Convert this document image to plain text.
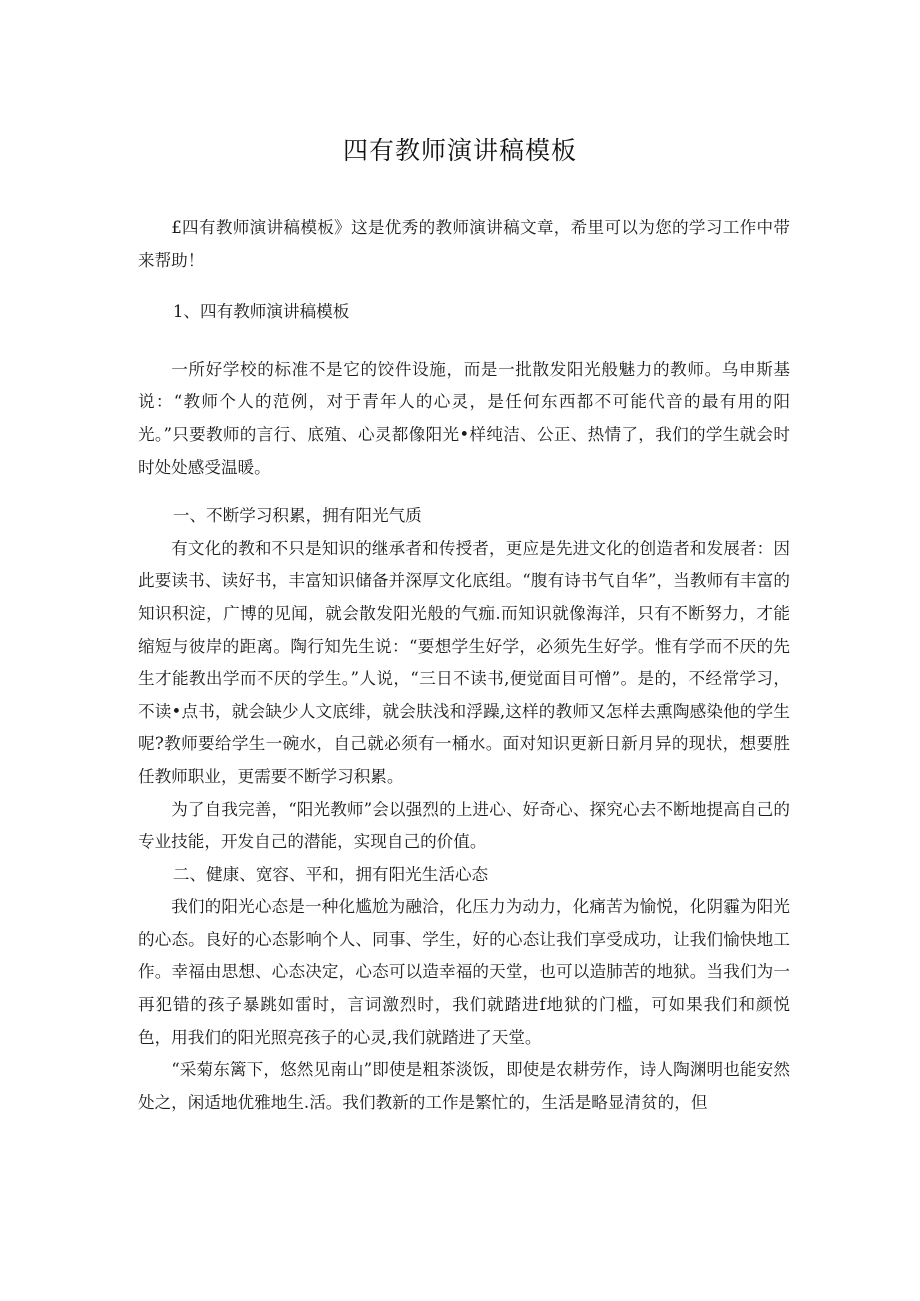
四有教师演讲稿模板

£四有教师演讲稿模板》这是优秀的教师演讲稿文章，希里可以为您的学习工作中带来帮助！

1、四有教师演讲稿模板

一所好学校的标准不是它的饺件设施，而是一批散发阳光般魅力的教师。乌申斯基说：“教师个人的范例，对于青年人的心灵，是任何东西都不可能代音的最有用的阳光。”只要教师的言行、底殖、心灵都像阳光•样纯洁、公正、热情了，我们的学生就会时时处处感受温暖。

一、不断学习积累，拥有阳光气质

有文化的教和不只是知识的继承者和传授者，更应是先进文化的创造者和发展者：因此要读书、读好书，丰富知识储备并深厚文化底组。“腹有诗书气自华”，当教师有丰富的知识积淀，广博的见闻，就会散发阳光般的气痂.而知识就像海洋，只有不断努力，才能缩短与彼岸的距离。陶行知先生说：“要想学生好学，必须先生好学。惟有学而不厌的先生才能教出学而不厌的学生。”人说，“三日不读书,便觉面目可憎”。是的，不经常学习，不读•点书，就会缺少人文底绯，就会肤浅和浮躁,这样的教师又怎样去熏陶感染他的学生呢?教师要给学生一碗水，自己就必须有一桶水。面对知识更新日新月异的现状，想要胜任教师职业，更需要不断学习积累。

为了自我完善，“阳光教师”会以强烈的上进心、好奇心、探究心去不断地提高自己的专业技能，开发自己的潜能，实现自己的价值。

二、健康、宽容、平和，拥有阳光生活心态

我们的阳光心态是一种化尴尬为融洽，化压力为动力，化痛苦为愉悦，化阴霾为阳光的心态。良好的心态影响个人、同事、学生，好的心态让我们享受成功，让我们愉快地工作。幸福由思想、心态决定，心态可以造幸福的天堂，也可以造肺苦的地狱。当我们为一再犯错的孩子暴跳如雷时，言词激烈时，我们就踏进f地狱的门槛，可如果我们和颜悦色，用我们的阳光照亮孩子的心灵,我们就踏进了天堂。

“采菊东篱下，悠然见南山”即使是粗茶淡饭，即使是农耕劳作，诗人陶渊明也能安然处之，闲适地优雅地生.活。我们教新的工作是繁忙的，生活是略显清贫的，但
